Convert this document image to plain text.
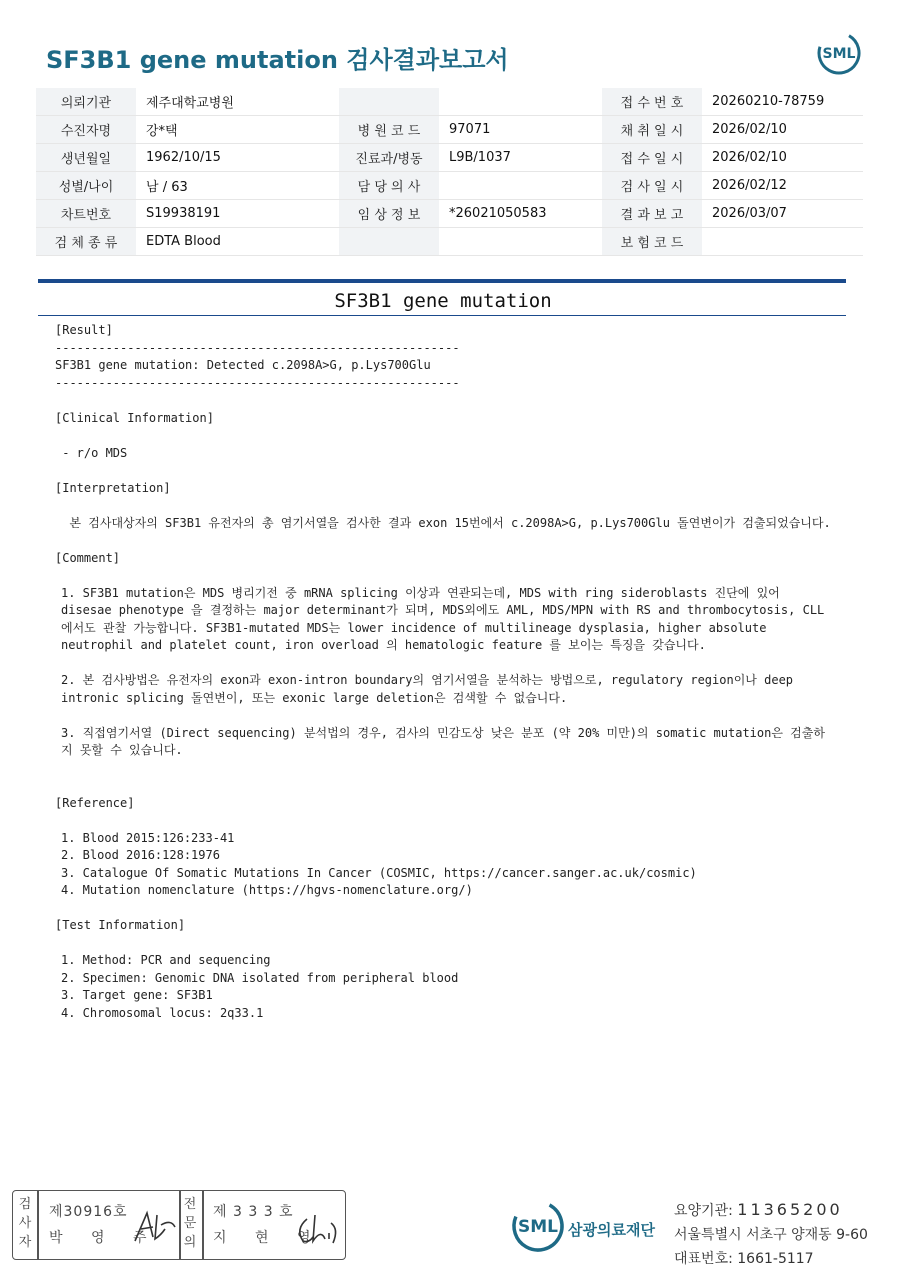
SF3B1 gene mutation 검사결과보고서	SML
의뢰기관	제주대학교병원			접 수 번 호	20260210-78759
수진자명	강*택	병 원 코 드	97071	채 취 일 시	2026/02/10
생년월일	1962/10/15	진료과/병동	L9B/1037	접 수 일 시	2026/02/10
성별/나이	남 / 63	담 당 의 사		검 사 일 시	2026/02/12
차트번호	S19938191	임 상 정 보	*26021050583	결 과 보 고	2026/03/07
검 체 종 류	EDTA Blood			보 험 코 드	
SF3B1 gene mutation

[Result]

--------------------------------------------------------

SF3B1 gene mutation: Detected c.2098A>G, p.Lys700Glu

--------------------------------------------------------

[Clinical Information]

- r/o MDS

[Interpretation]

본 검사대상자의 SF3B1 유전자의 총 염기서열을 검사한 결과 exon 15번에서 c.2098A>G, p.Lys700Glu 돌연변이가 검출되었습니다.

[Comment]

1. SF3B1 mutation은 MDS 병리기전 중 mRNA splicing 이상과 연관되는데, MDS with ring sideroblasts 진단에 있어 disesae phenotype 을 결정하는 major determinant가 되며, MDS외에도 AML, MDS/MPN with RS and thrombocytosis, CLL에서도 관찰 가능합니다. SF3B1-mutated MDS는 lower incidence of multilineage dysplasia, higher absolute neutrophil and platelet count, iron overload 의 hematologic feature 를 보이는 특징을 갖습니다.

2. 본 검사방법은 유전자의 exon과 exon-intron boundary의 염기서열을 분석하는 방법으로, regulatory region이나 deep intronic splicing 돌연변이, 또는 exonic large deletion은 검색할 수 없습니다.

3. 직접염기서열 (Direct sequencing) 분석법의 경우, 검사의 민감도상 낮은 분포 (약 20% 미만)의 somatic mutation은 검출하지 못할 수 있습니다.

[Reference]

1. Blood 2015:126:233-41

2. Blood 2016:128:1976

3. Catalogue Of Somatic Mutations In Cancer (COSMIC, https://cancer.sanger.ac.uk/cosmic)

4. Mutation nomenclature (https://hgvs-nomenclature.org/)

[Test Information]

1. Method: PCR and sequencing

2. Specimen: Genomic DNA isolated from peripheral blood

3. Target gene: SF3B1

4. Chromosomal locus: 2q33.1

검
사
자
제30916호
박 영 주
전
문
의
제 3 3 3 호
지 현 영
SML 삼광의료재단
요양기관: 11365200
서울특별시 서초구 양재동 9-60
대표번호: 1661-5117
